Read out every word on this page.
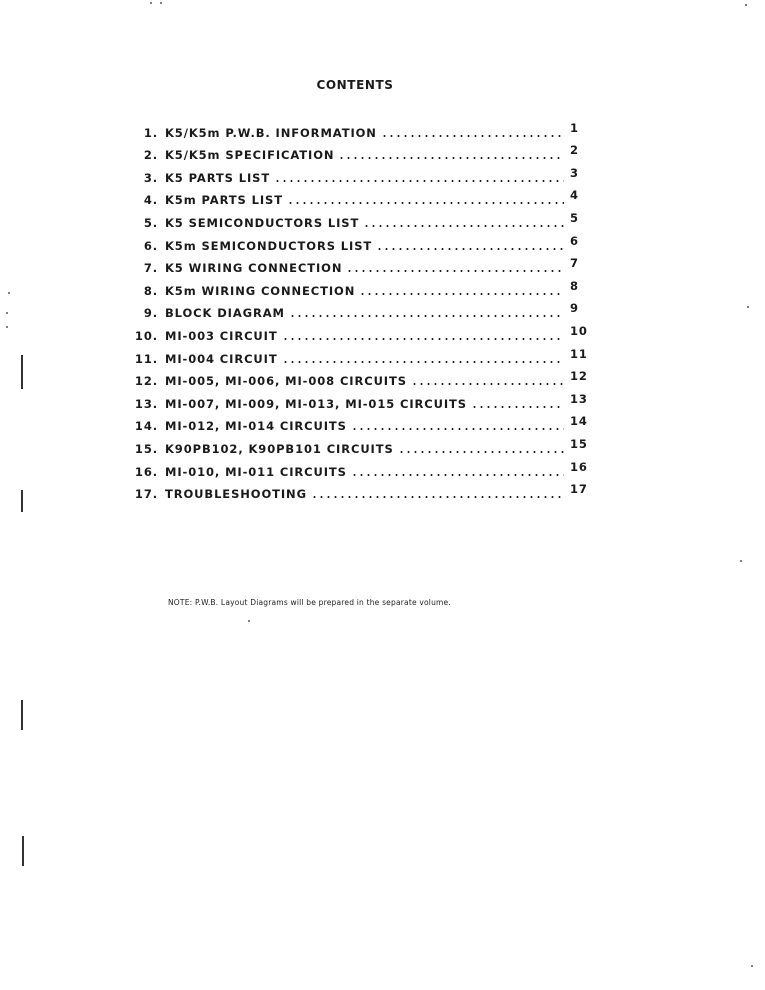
CONTENTS
1. K5/K5m P.W.B. INFORMATION	1
2. K5/K5m SPECIFICATION	2
3. K5 PARTS LIST	3
4. K5m PARTS LIST	4
5. K5 SEMICONDUCTORS LIST	5
6. K5m SEMICONDUCTORS LIST	6
7. K5 WIRING CONNECTION	7
8. K5m WIRING CONNECTION	8
9. BLOCK DIAGRAM	9
10. MI-003 CIRCUIT	10
11. MI-004 CIRCUIT	11
12. MI-005, MI-006, MI-008 CIRCUITS	12
13. MI-007, MI-009, MI-013, MI-015 CIRCUITS	13
14. MI-012, MI-014 CIRCUITS	14
15. K90PB102, K90PB101 CIRCUITS	15
16. MI-010, MI-011 CIRCUITS	16
17. TROUBLESHOOTING	17
NOTE: P.W.B. Layout Diagrams will be prepared in the separate volume.
